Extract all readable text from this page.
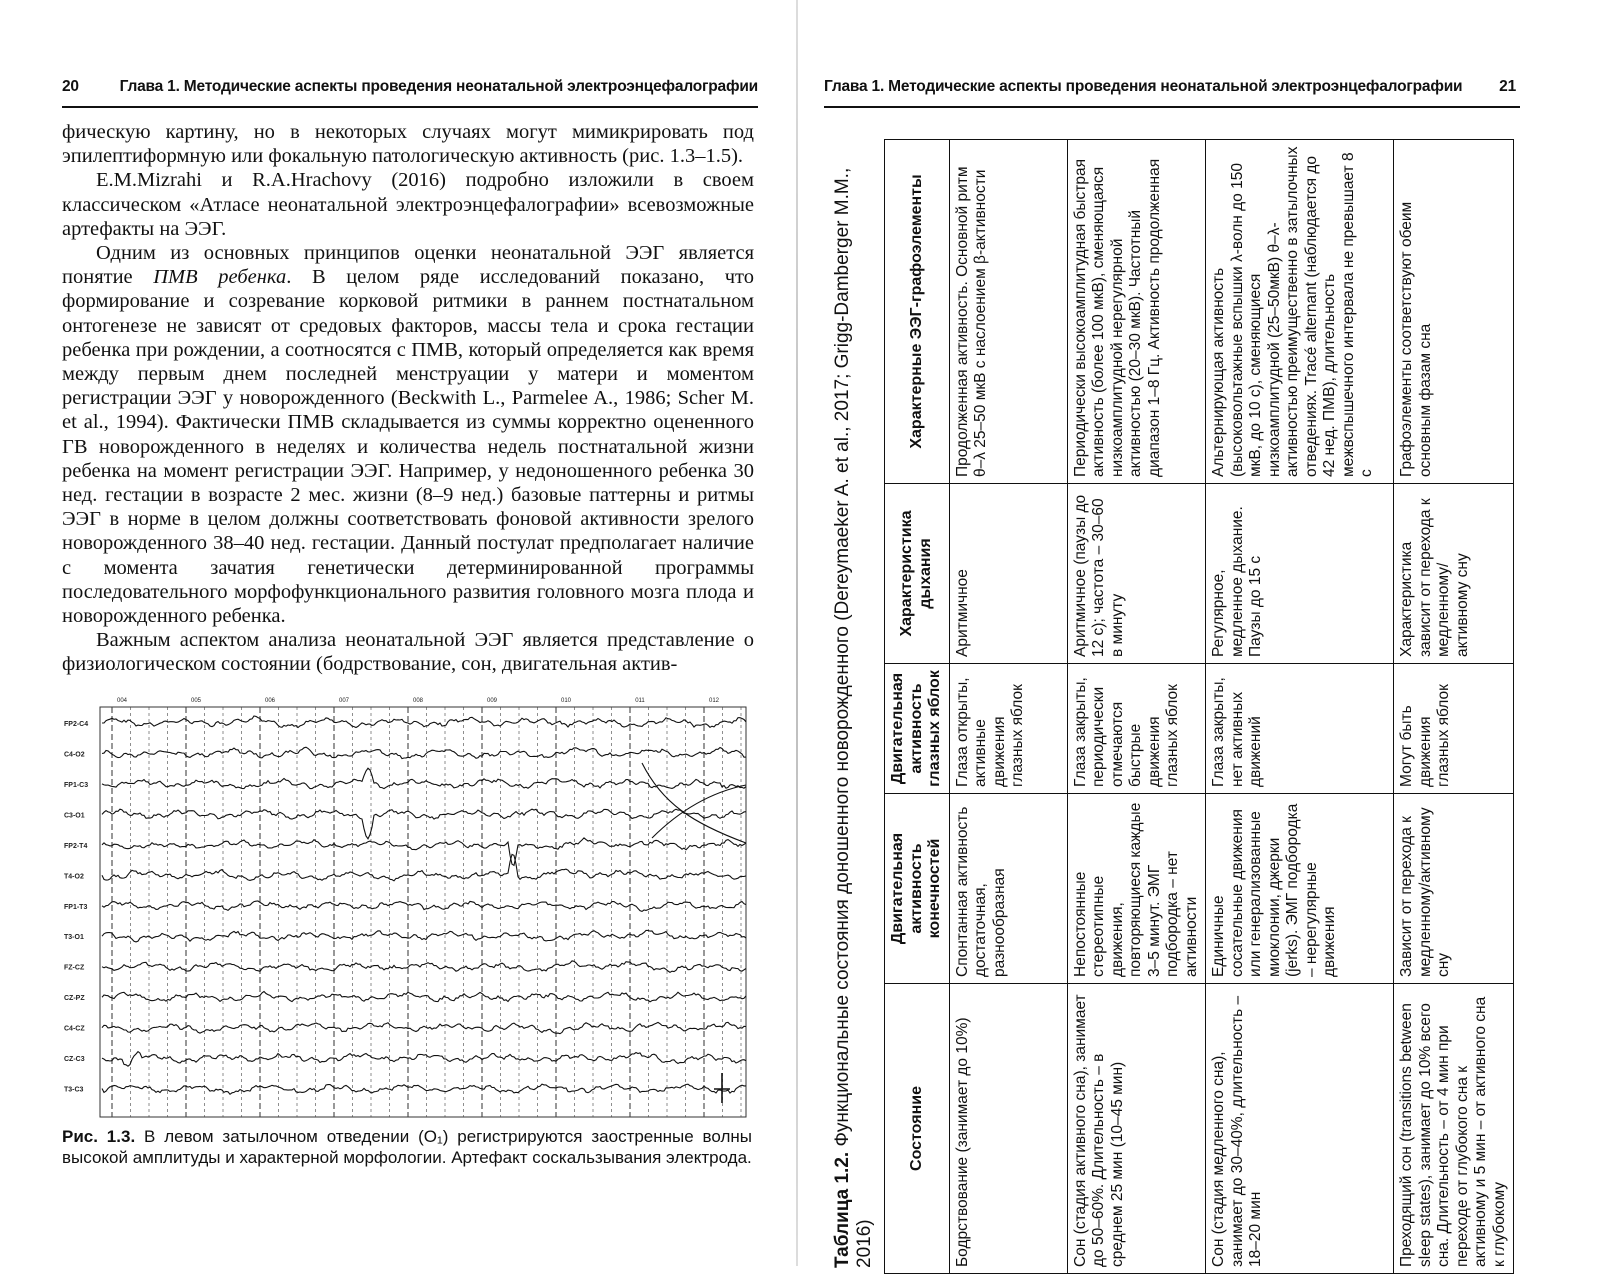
20	Глава 1. Методические аспекты проведения неонатальной электроэнцефалографии

фическую картину, но в некоторых случаях могут мимикрировать под эпилептиформную или фокальную патологическую активность (рис. 1.3–1.5).

E.M.Mizrahi и R.A.Hrachovy (2016) подробно изложили в своем классическом «Атласе неонатальной электроэнцефалографии» всевозможные артефакты на ЭЭГ.

Одним из основных принципов оценки неонатальной ЭЭГ является понятие ПМВ ребенка. В целом ряде исследований показано, что формирование и созревание корковой ритмики в раннем постнатальном онтогенезе не зависят от средовых факторов, массы тела и срока гестации ребенка при рождении, а соотносятся с ПМВ, который определяется как время между первым днем последней менструации у матери и моментом регистрации ЭЭГ у новорожденного (Beckwith L., Parmelee A., 1986; Scher M. et al., 1994). Фактически ПМВ складывается из суммы корректно оцененного ГВ новорожденного в неделях и количества недель постнатальной жизни ребенка на момент регистрации ЭЭГ. Например, у недоношенного ребенка 30 нед. гестации в возрасте 2 мес. жизни (8–9 нед.) базовые паттерны и ритмы ЭЭГ в норме в целом должны соответствовать фоновой активности зрелого новорожденного 38–40 нед. гестации. Данный постулат предполагает наличие с момента зачатия генетически детерминированной программы последовательного морфофункционального развития головного мозга плода и новорожденного ребенка.

Важным аспектом анализа неонатальной ЭЭГ является представление о физиологическом состоянии (бодрствование, сон, двигательная актив-

004	005	006	007	008	009	010	011	012
FP2-C4
C4-O2
FP1-C3
C3-O1
FP2-T4
T4-O2
FP1-T3
T3-O1
FZ-CZ
CZ-PZ
C4-CZ
CZ-C3
T3-C3
Рис. 1.3. В левом затылочном отведении (O₁) регистрируются заостренные волны высокой амплитуды и характерной морфологии. Артефакт соскальзывания электрода.
Глава 1. Методические аспекты проведения неонатальной электроэнцефалографии 21
Таблица 1.2. Функциональные состояния доношенного новорожденного (Dereymaeker A. et al., 2017; Grigg-Damberger M.M., 2016)
Состояние	Двигательная активность конечностей	Двигательная активность глазных яблок	Характеристика дыхания	Характерные ЭЭГ-графоэлементы
Бодрствование (занимает до 10%)	Спонтанная активность достаточная, разнообразная	Глаза открыты, активные движения глазных яблок	Аритмичное	Продолженная активность. Основной ритм θ–λ 25–50 мкВ с наслоением β-активности
Сон (стадия активного сна), занимает до 50–60%. Длительность – в среднем 25 мин (10–45 мин)	Непостоянные стереотипные движения, повторяющиеся каждые 3–5 минут. ЭМГ подбородка – нет активности	Глаза закрыты, периодически отмечаются быстрые движения глазных яблок	Аритмичное (паузы до 12 с); частота – 30–60 в минуту	Периодически высокоамплитудная быстрая активность (более 100 мкВ), сменяющаяся низкоамплитудной нерегулярной активностью (20–30 мкВ). Частотный диапазон 1–8 Гц. Активность продолженная
Сон (стадия медленного сна), занимает до 30–40%, длительность – 18–20 мин	Единичные сосательные движения или генерализованные миоклонии, джерки (jerks). ЭМГ подбородка – нерегулярные движения	Глаза закрыты, нет активных движений	Регулярное, медленное дыхание. Паузы до 15 с	Альтернирующая активность (высоковольтажные вспышки λ-волн до 150 мкВ, до 10 с), сменяющиеся низкоамплитудной (25–50мкВ) θ–λ-активностью преимущественно в затылочных отведениях. Tracé alternant (наблюдается до 42 нед. ПМВ), длительность межвспышечного интервала не превышает 8 с
Преходящий сон (transitions between sleep states), занимает до 10% всего сна. Длительность – от 4 мин при переходе от глубокого сна к активному и 5 мин – от активного сна к глубокому	Зависит от перехода к медленному/активному сну	Могут быть движения глазных яблок	Характеристика зависит от перехода к медленному/активному сну	Графоэлементы соответствуют обеим основным фазам сна
